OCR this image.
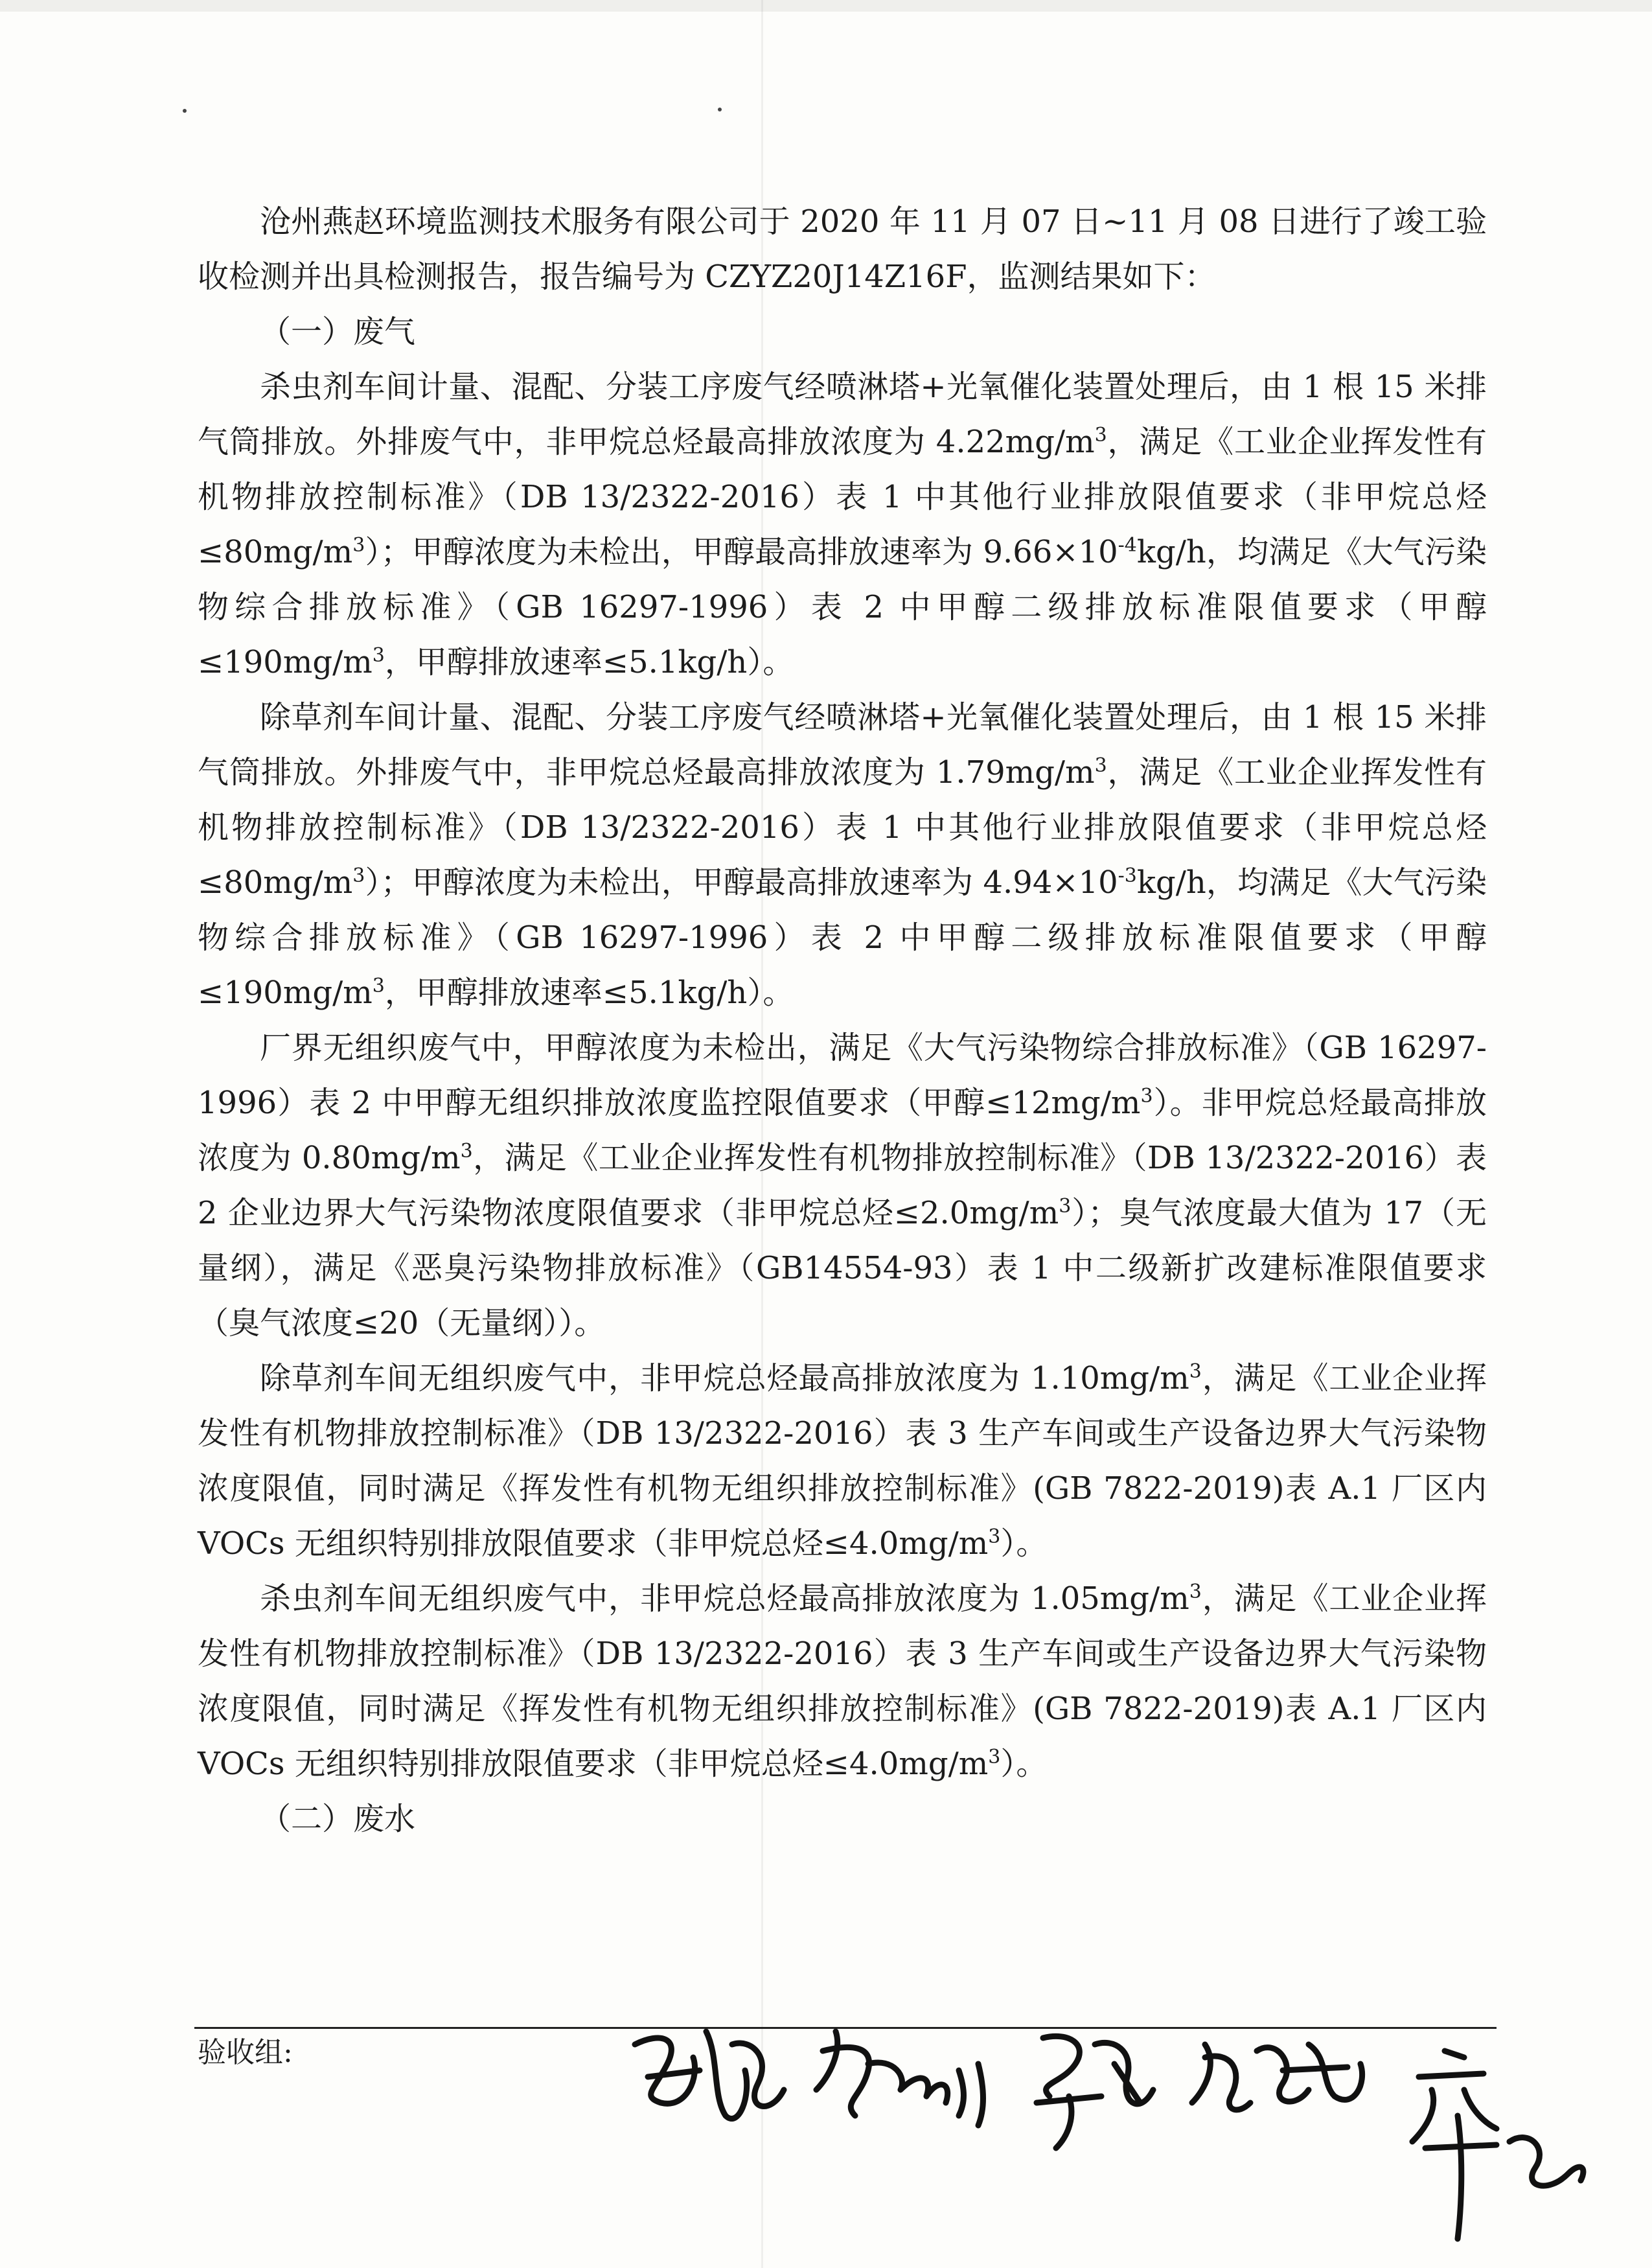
沧州燕赵环境监测技术服务有限公司于 2020 年 11 月 07 日~11 月 08 日进行了竣工验收检测并出具检测报告，报告编号为 CZYZ20J14Z16F，监测结果如下：

（一）废气

杀虫剂车间计量、混配、分装工序废气经喷淋塔+光氧催化装置处理后，由 1 根 15 米排气筒排放。外排废气中，非甲烷总烃最高排放浓度为 $4.22mg/m^3$，满足《工业企业挥发性有机物排放控制标准》（DB 13/2322-2016）表 1 中其他行业排放限值要求（非甲烷总烃$\le 80mg/m^3$）；甲醇浓度为未检出，甲醇最高排放速率为 $9.66\times 10^{-4}kg/h$，均满足《大气污染物综合排放标准》（GB 16297-1996）表 2 中甲醇二级排放标准限值要求（甲醇$\le 190mg/m^3$，甲醇排放速率≤5.1kg/h）。

除草剂车间计量、混配、分装工序废气经喷淋塔+光氧催化装置处理后，由 1 根 15 米排气筒排放。外排废气中，非甲烷总烃最高排放浓度为 $1.79mg/m^3$，满足《工业企业挥发性有机物排放控制标准》（DB 13/2322-2016）表 1 中其他行业排放限值要求（非甲烷总烃$\le 80mg/m^3$）；甲醇浓度为未检出，甲醇最高排放速率为 $4.94\times 10^{-3}kg/h$，均满足《大气污染物综合排放标准》（GB 16297-1996）表 2 中甲醇二级排放标准限值要求（甲醇$\le 190mg/m^3$，甲醇排放速率≤5.1kg/h）。

厂界无组织废气中，甲醇浓度为未检出，满足《大气污染物综合排放标准》（GB 16297-1996）表 2 中甲醇无组织排放浓度监控限值要求（甲醇$\le 12mg/m^3$）。非甲烷总烃最高排放浓度为 $0.80mg/m^3$，满足《工业企业挥发性有机物排放控制标准》（DB 13/2322-2016）表 2 企业边界大气污染物浓度限值要求（非甲烷总烃$\le 2.0mg/m^3$）；臭气浓度最大值为 17（无量纲），满足《恶臭污染物排放标准》（GB14554-93）表 1 中二级新扩改建标准限值要求（臭气浓度≤20（无量纲））。

除草剂车间无组织废气中，非甲烷总烃最高排放浓度为 $1.10mg/m^3$，满足《工业企业挥发性有机物排放控制标准》（DB 13/2322-2016）表 3 生产车间或生产设备边界大气污染物浓度限值，同时满足《挥发性有机物无组织排放控制标准》(GB 7822-2019)表 A.1 厂区内 VOCs 无组织特别排放限值要求（非甲烷总烃$\le 4.0mg/m^3$）。

杀虫剂车间无组织废气中，非甲烷总烃最高排放浓度为 $1.05mg/m^3$，满足《工业企业挥发性有机物排放控制标准》（DB 13/2322-2016）表 3 生产车间或生产设备边界大气污染物浓度限值，同时满足《挥发性有机物无组织排放控制标准》(GB 7822-2019)表 A.1 厂区内 VOCs 无组织特别排放限值要求（非甲烷总烃$\le 4.0mg/m^3$）。

（二）废水

验收组:
